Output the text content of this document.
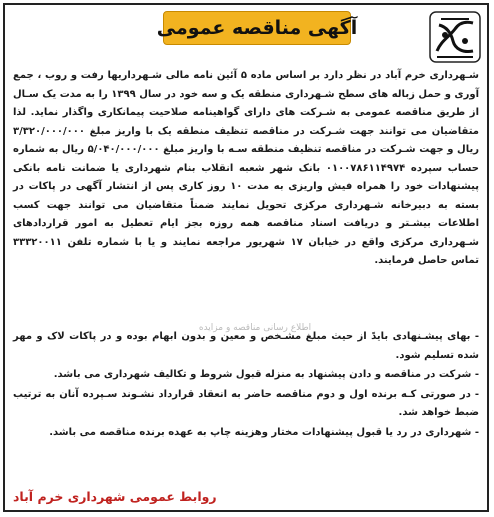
آگهی مناقصه عمومی

شـهرداری خرم آباد در نظر دارد بر اساس ماده ۵ آئین نامه مالی شـهرداریها رفت و روب ، جمع آوری و حمل زباله های سطح شـهرداری منطقه یک و سه خود در سال ۱۳۹۹ را به مدت یک سـال از طریق مناقصه عمومی به شـرکت های دارای گواهینامه صلاحیت پیمانکاری واگذار نماید. لذا متقاضیان می توانند جهت شـرکت در مناقصه تنظیف منطقه یک با واریز مبلغ ۳/۳۲۰/۰۰۰/۰۰۰ ریال و جهت شـرکت در مناقصه تنظیف منطقه سـه با واریز مبلغ ۵/۰۴۰/۰۰۰/۰۰۰ ریال به شماره حساب سپرده ۰۱۰۰۷۸۶۱۱۴۹۷۴ بانک شهر شعبه انقلاب بنام شهرداری یا ضمانت نامه بانکی پیشنهادات خود را همراه فیش واریزی به مدت ۱۰ روز کاری پس از انتشار آگهی در پاکات در بسته به دبیرخانه شـهرداری مرکزی تحویل نمایند ضمناً متقاضیان می توانند جهت کسب اطلاعات بیشـتر و دریافت اسناد مناقصه همه روزه بجز ایام تعطیل به امور قراردادهای شـهرداری مرکزی واقع در خیابان ۱۷ شهریور مراجعه نمایند و یا با شماره تلفن ۳۳۳۲۰۰۱۱ تماس حاصل فرمایند.

اطلاع رسانی مناقصه و مزایده

- بهای پیشـنهادی بایدً از حیث مبلغ مشـخص و معین و بدون ابهام بوده و در پاکات لاک و مهر شده تسلیم شود.

- شرکت در مناقصه و دادن پیشنهاد به منزله قبول شروط و تکالیف شهرداری می باشد.

- در صورتی کـه برنده اول و دوم مناقصه حاضر به انعقاد قرارداد نشـوند سـپرده آنان به ترتیب ضبط خواهد شد.

- شهرداری در رد یا قبول پیشنهادات مختار وهزینه چاپ به عهده برنده مناقصه می باشد.

روابط عمومی شهرداری خرم آباد
